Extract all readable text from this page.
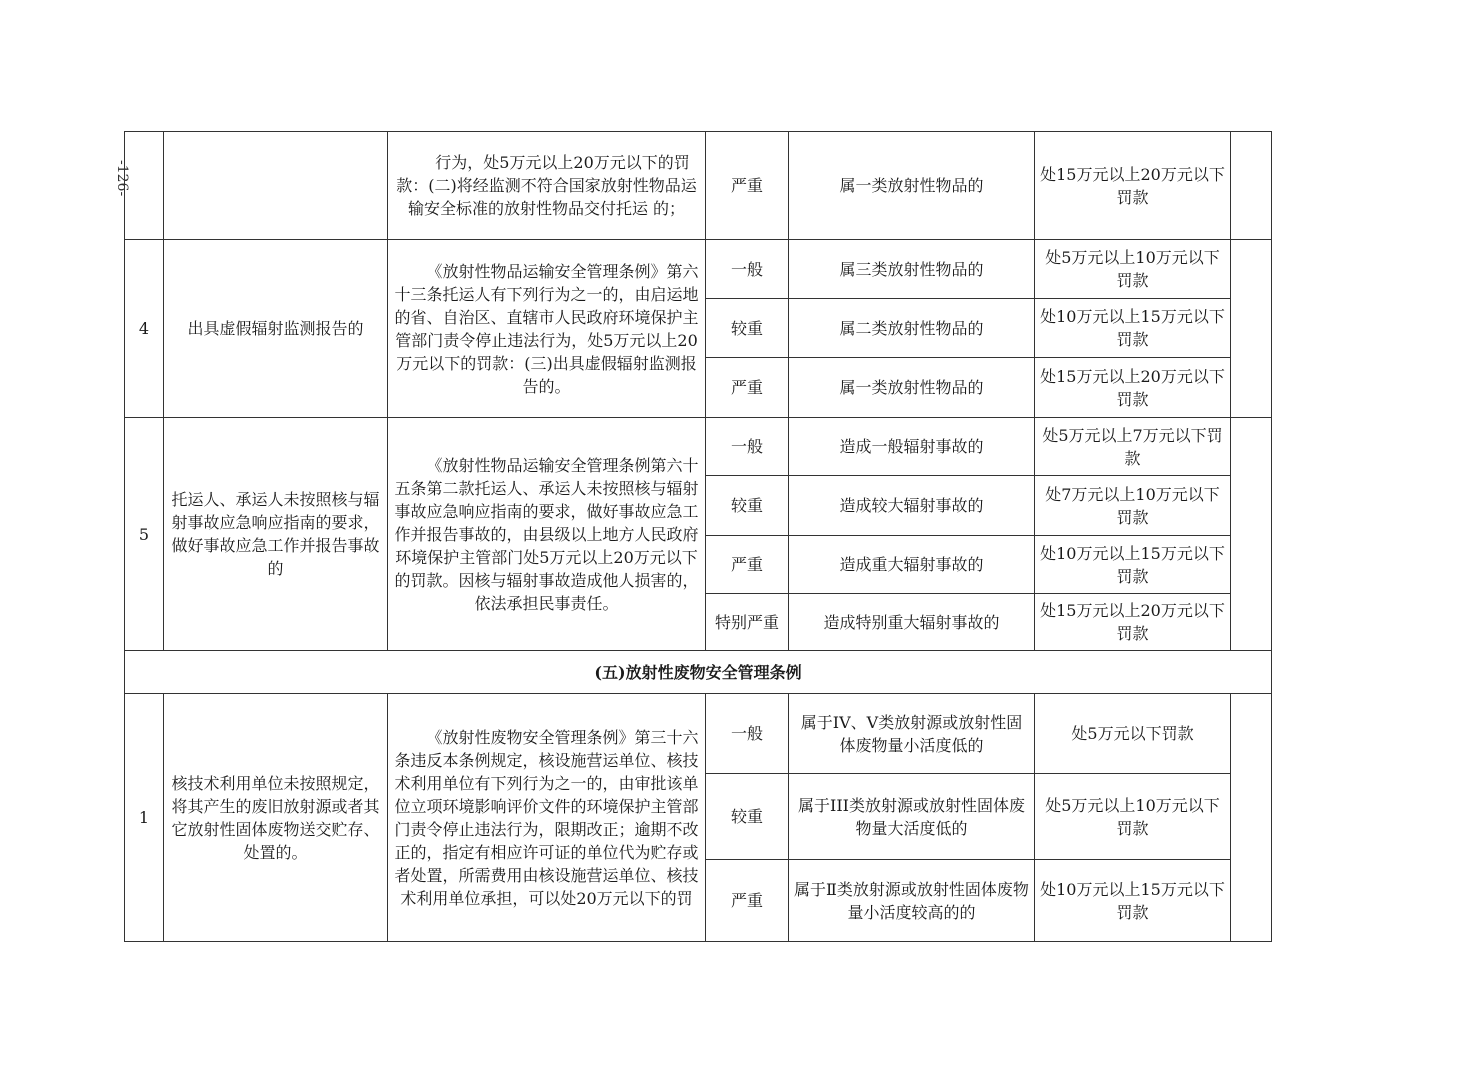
-126-

		行为，处5万元以上20万元以下的罚款：(二)将经监测不符合国家放射性物品运输安全标准的放射性物品交付托运 的；	严重	属一类放射性物品的	处15万元以上20万元以下罚款	
4	出具虚假辐射监测报告的	《放射性物品运输安全管理条例》第六十三条托运人有下列行为之一的，由启运地的省、自治区、直辖市人民政府环境保护主管部门责令停止违法行为，处5万元以上20万元以下的罚款：(三)出具虚假辐射监测报告的。	一般	属三类放射性物品的	处5万元以上10万元以下罚款	
			较重	属二类放射性物品的	处10万元以上15万元以下罚款	
			严重	属一类放射性物品的	处15万元以上20万元以下罚款	
5	托运人、承运人未按照核与辐射事故应急响应指南的要求，做好事故应急工作并报告事故的	《放射性物品运输安全管理条例第六十五条第二款托运人、承运人未按照核与辐射事故应急响应指南的要求，做好事故应急工作并报告事故的，由县级以上地方人民政府环境保护主管部门处5万元以上20万元以下的罚款。因核与辐射事故造成他人损害的，依法承担民事责任。	一般	造成一般辐射事故的	处5万元以上7万元以下罚款	
			较重	造成较大辐射事故的	处7万元以上10万元以下罚款	
			严重	造成重大辐射事故的	处10万元以上15万元以下罚款	
			特别严重	造成特别重大辐射事故的	处15万元以上20万元以下罚款	
(五)放射性废物安全管理条例						
1	核技术利用单位未按照规定，将其产生的废旧放射源或者其它放射性固体废物送交贮存、处置的。	《放射性废物安全管理条例》第三十六条违反本条例规定，核设施营运单位、核技术利用单位有下列行为之一的，由审批该单位立项环境影响评价文件的环境保护主管部门责令停止违法行为，限期改正；逾期不改正的，指定有相应许可证的单位代为贮存或者处置，所需费用由核设施营运单位、核技术利用单位承担，可以处20万元以下的罚	一般	属于IV、V类放射源或放射性固体废物量小活度低的	处5万元以下罚款	
			较重	属于III类放射源或放射性固体废物量大活度低的	处5万元以上10万元以下罚款	
			严重	属于Ⅱ类放射源或放射性固体废物量小活度较高的的	处10万元以上15万元以下罚款	
